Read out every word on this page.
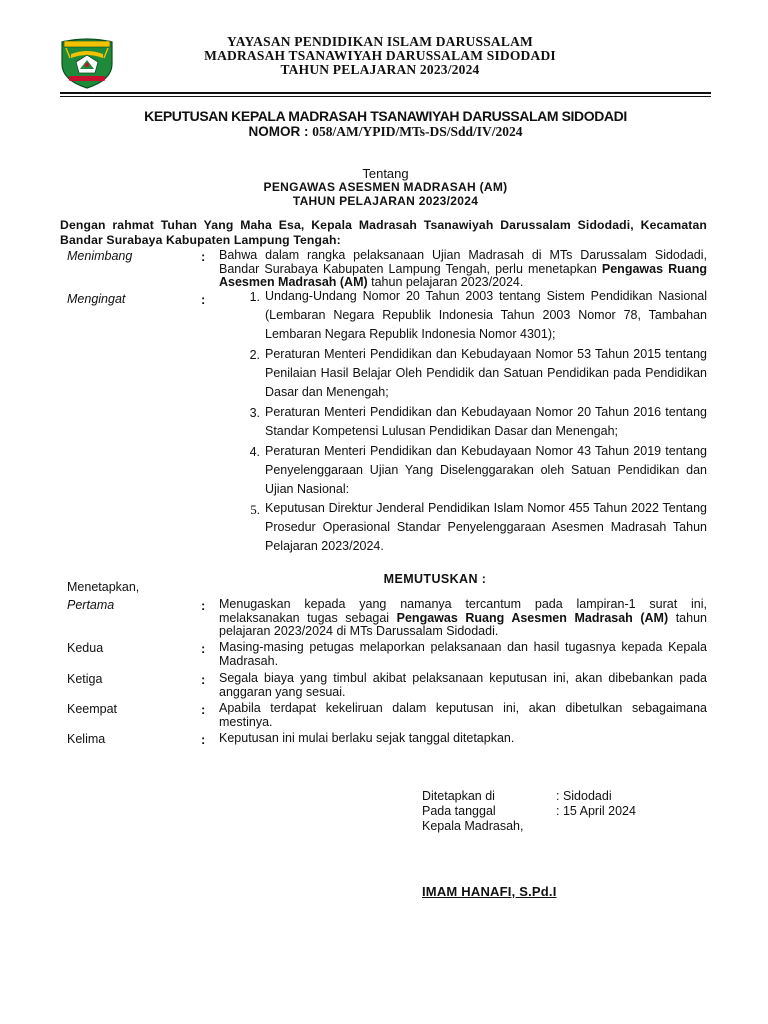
YAYASAN PENDIDIKAN ISLAM DARUSSALAM
MADRASAH TSANAWIYAH DARUSSALAM SIDODADI
TAHUN PELAJARAN 2023/2024
KEPUTUSAN KEPALA MADRASAH TSANAWIYAH DARUSSALAM SIDODADI
NOMOR : 058/AM/YPID/MTs-DS/Sdd/IV/2024
Tentang
PENGAWAS ASESMEN MADRASAH (AM)
TAHUN PELAJARAN 2023/2024
Dengan rahmat Tuhan Yang Maha Esa, Kepala Madrasah Tsanawiyah Darussalam Sidodadi, Kecamatan Bandar Surabaya Kabupaten Lampung Tengah:
Menimbang	: Bahwa dalam rangka pelaksanaan Ujian Madrasah di MTs Darussalam Sidodadi, Bandar Surabaya Kabupaten Lampung Tengah, perlu menetapkan Pengawas Ruang Asesmen Madrasah (AM) tahun pelajaran 2023/2024.
Mengingat	:	1. Undang-Undang Nomor 20 Tahun 2003 tentang Sistem Pendidikan Nasional (Lembaran Negara Republik Indonesia Tahun 2003 Nomor 78, Tambahan Lembaran Negara Republik Indonesia Nomor 4301);
2. Peraturan Menteri Pendidikan dan Kebudayaan Nomor 53 Tahun 2015 tentang Penilaian Hasil Belajar Oleh Pendidik dan Satuan Pendidikan pada Pendidikan Dasar dan Menengah;
3. Peraturan Menteri Pendidikan dan Kebudayaan Nomor 20 Tahun 2016 tentang Standar Kompetensi Lulusan Pendidikan Dasar dan Menengah;
4. Peraturan Menteri Pendidikan dan Kebudayaan Nomor 43 Tahun 2019 tentang Penyelenggaraan Ujian Yang Diselenggarakan oleh Satuan Pendidikan dan Ujian Nasional:
5. Keputusan Direktur Jenderal Pendidikan Islam Nomor 455 Tahun 2022 Tentang Prosedur Operasional Standar Penyelenggaraan Asesmen Madrasah Tahun Pelajaran 2023/2024.
MEMUTUSKAN :
Menetapkan,
Pertama	: Menugaskan kepada yang namanya tercantum pada lampiran-1 surat ini, melaksanakan tugas sebagai Pengawas Ruang Asesmen Madrasah (AM) tahun pelajaran 2023/2024 di MTs Darussalam Sidodadi.
Kedua	: Masing-masing petugas melaporkan pelaksanaan dan hasil tugasnya kepada Kepala Madrasah.
Ketiga	: Segala biaya yang timbul akibat pelaksanaan keputusan ini, akan dibebankan pada anggaran yang sesuai.
Keempat	: Apabila terdapat kekeliruan dalam keputusan ini, akan dibetulkan sebagaimana mestinya.
Kelima	: Keputusan ini mulai berlaku sejak tanggal ditetapkan.
Ditetapkan di	: Sidodadi
Pada tanggal	: 15 April 2024
Kepala Madrasah,
IMAM HANAFI, S.Pd.I
